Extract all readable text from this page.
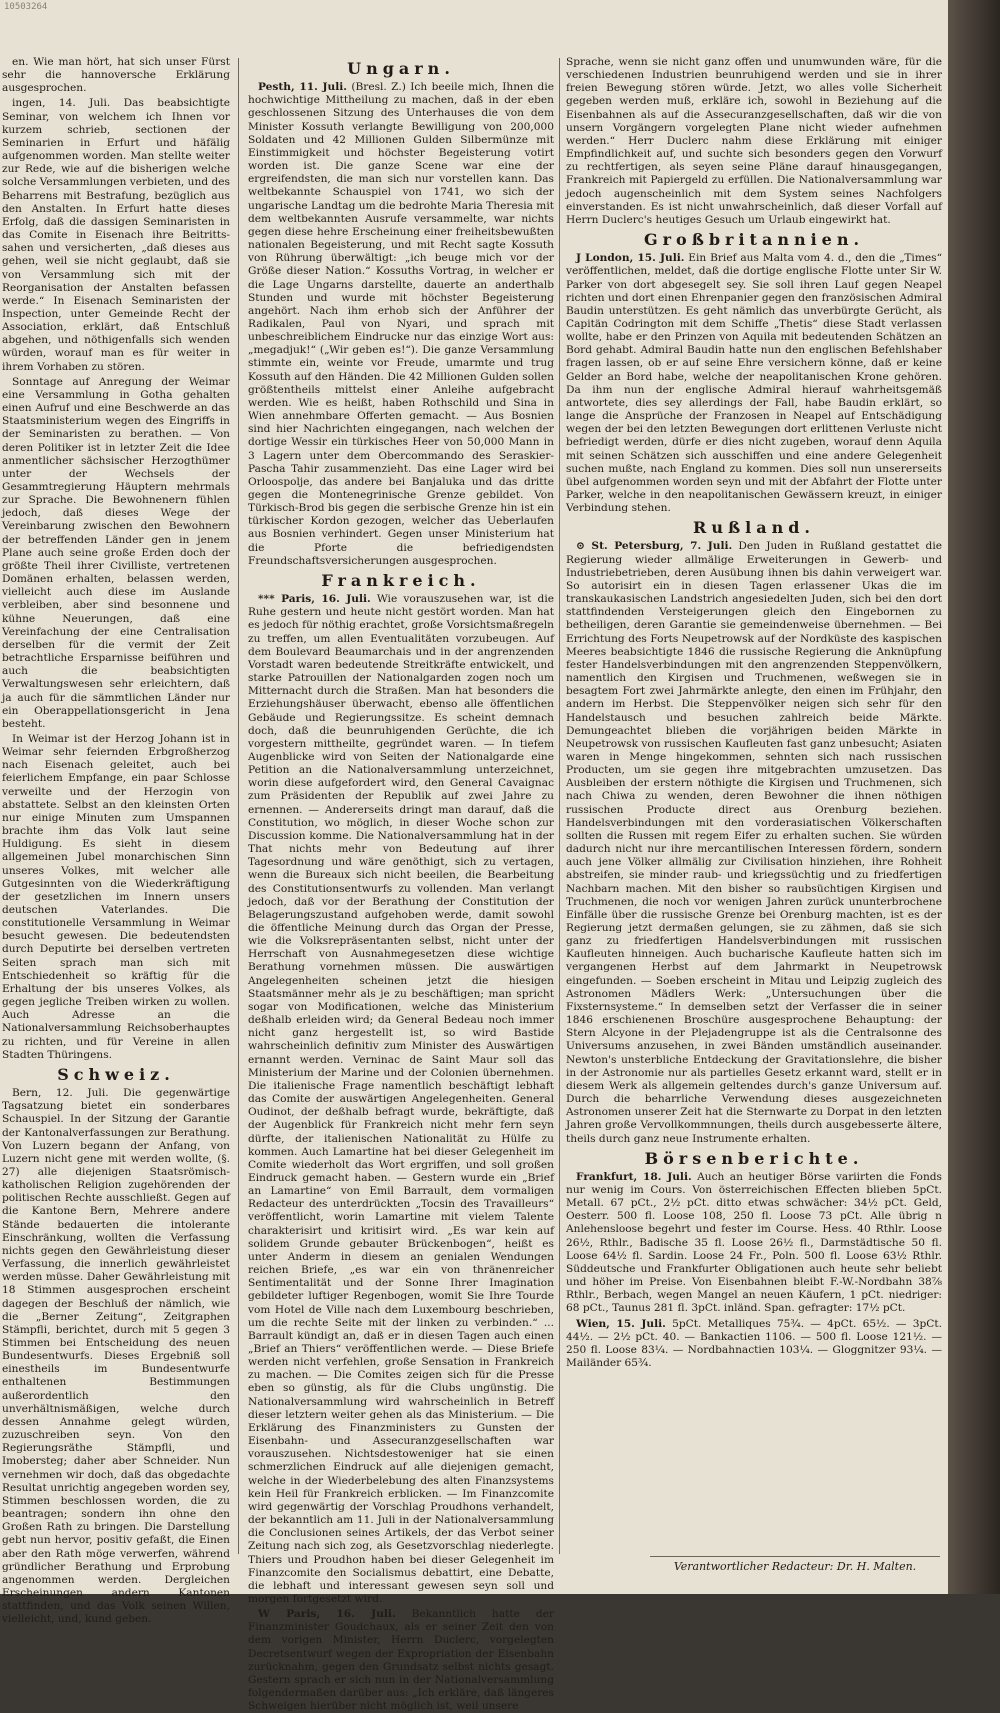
10503264

en. Wie man hört, hat sich unser Fürst sehr die hannoversche Erklärung ausgesprochen.

ingen, 14. Juli. Das beabsichtigte Seminar, von welchem ich Ihnen vor kurzem schrieb, sectionen der Seminarien in Erfurt und häfälig aufgenommen worden. Man stellte weiter zur Rede, wie auf die bisherigen welche solche Versammlungen verbieten, und des Beharrens mit Bestrafung, bezüglich aus den Anstalten. In Erfurt hatte dieses Erfolg, daß die dassigen Seminaristen in das Comite in Eisenach ihre Beitritts-sahen und versicherten, „daß dieses aus gehen, weil sie nicht geglaubt, daß sie von Versammlung sich mit der Reorganisation der Anstalten befassen werde.“ In Eisenach Seminaristen der Inspection, unter Gemeinde Recht der Association, erklärt, daß Entschluß abgehen, und nöthigenfalls sich wenden würden, worauf man es für weiter in ihrem Vorhaben zu stören.

Sonntage auf Anregung der Weimar eine Versammlung in Gotha gehalten einen Aufruf und eine Beschwerde an das Staatsministerium wegen des Eingriffs in der Seminaristen zu berathen. — Von deren Politiker ist in letzter Zeit die Idee anmentlicher sächsischer Herzogthümer unter der Wechsels der Gesammtregierung Häuptern mehrmals zur Sprache. Die Bewohnenern fühlen jedoch, daß dieses Wege der Vereinbarung zwischen den Bewohnern der betreffenden Länder gen in jenem Plane auch seine große Erden doch der größte Theil ihrer Civilliste, vertretenen Domänen erhalten, belassen werden, vielleicht auch diese im Auslande verbleiben, aber sind besonnene und kühne Neuerungen, daß eine Vereinfachung der eine Centralisation derselben für die vermit der Zeit betrachtliche Ersparnisse beiführen und auch die beabsichtigten Verwaltungswesen sehr erleichtern, daß ja auch für die sämmtlichen Länder nur ein Oberappellationsgericht in Jena besteht.

In Weimar ist der Herzog Johann ist in Weimar sehr feiernden Erbgroßherzog nach Eisenach geleitet, auch bei feierlichem Empfange, ein paar Schlosse verweilte und der Herzogin von abstattete. Selbst an den kleinsten Orten nur einige Minuten zum Umspannen brachte ihm das Volk laut seine Huldigung. Es sieht in diesem allgemeinen Jubel monarchischen Sinn unseres Volkes, mit welcher alle Gutgesinnten von die Wiederkräftigung der gesetzlichen im Innern unsers deutschen Vaterlandes. Die constitutionelle Versammlung in Weimar besucht gewesen. Die bedeutendsten durch Deputirte bei derselben vertreten Seiten sprach man sich mit Entschiedenheit so kräftig für die Erhaltung der bis unseres Volkes, als gegen jegliche Treiben wirken zu wollen. Auch Adresse an die Nationalversammlung Reichsoberhauptes zu richten, und für Vereine in allen Stadten Thüringens.

Schweiz.

Bern, 12. Juli. Die gegenwärtige Tagsatzung bietet ein sonderbares Schauspiel. In der Sitzung der Garantie der Kantonalverfassungen zur Berathung. Von Luzern begann der Anfang, von Luzern nicht gene mit werden wollte, (§. 27) alle diejenigen Staatsrömisch-katholischen Religion zugehörenden der politischen Rechte ausschließt. Gegen auf die Kantone Bern, Mehrere andere Stände bedauerten die intolerante Einschränkung, wollten die Verfassung nichts gegen den Gewährleistung dieser Verfassung, die innerlich gewährleistet werden müsse. Daher Gewährleistung mit 18 Stimmen ausgesprochen erscheint dagegen der Beschluß der nämlich, wie die „Berner Zeitung“, Zeitgraphen Stämpfli, berichtet, durch mit 5 gegen 3 Stimmen bei Entscheidung des neuen Bundesentwurfs. Dieses Ergebniß soll einestheils im Bundesentwurfe enthaltenen Bestimmungen außerordentlich den unverhältnismäßigen, welche durch dessen Annahme gelegt würden, zuzuschreiben seyn. Von den Regierungsräthe Stämpfli, und Imobersteg; daher aber Schneider. Nun vernehmen wir doch, daß das obgedachte Resultat unrichtig angegeben worden sey, Stimmen beschlossen worden, die zu beantragen; sondern ihn ohne den Großen Rath zu bringen. Die Darstellung gebt nun hervor, positiv gefaßt, die Einen aber den Rath möge verwerfen, während gründlicher Berathung und Erprobung angenommen werden. Dergleichen Erscheinungen andern Kantonen stattfinden, und das Volk seinen Willen, vielleicht, und, kund geben.

Ungarn.

Pesth, 11. Juli. (Bresl. Z.) Ich beeile mich, Ihnen die hochwichtige Mittheilung zu machen, daß in der eben geschlossenen Sitzung des Unterhauses die von dem Minister Kossuth verlangte Bewilligung von 200,000 Soldaten und 42 Millionen Gulden Silbermünze mit Einstimmigkeit und höchster Begeisterung votirt worden ist. Die ganze Scene war eine der ergreifendsten, die man sich nur vorstellen kann. Das weltbekannte Schauspiel von 1741, wo sich der ungarische Landtag um die bedrohte Maria Theresia mit dem weltbekannten Ausrufe versammelte, war nichts gegen diese hehre Erscheinung einer freiheitsbewußten nationalen Begeisterung, und mit Recht sagte Kossuth von Rührung überwältigt: „ich beuge mich vor der Größe dieser Nation.“ Kossuths Vortrag, in welcher er die Lage Ungarns darstellte, dauerte an anderthalb Stunden und wurde mit höchster Begeisterung angehört. Nach ihm erhob sich der Anführer der Radikalen, Paul von Nyari, und sprach mit unbeschreiblichem Eindrucke nur das einzige Wort aus: „megadjuk!“ („Wir geben es!“). Die ganze Versammlung stimmte ein, weinte vor Freude, umarmte und trug Kossuth auf den Händen. Die 42 Millionen Gulden sollen größtentheils mittelst einer Anleihe aufgebracht werden. Wie es heißt, haben Rothschild und Sina in Wien annehmbare Offerten gemacht. — Aus Bosnien sind hier Nachrichten eingegangen, nach welchen der dortige Wessir ein türkisches Heer von 50,000 Mann in 3 Lagern unter dem Obercommando des Seraskier-Pascha Tahir zusammenzieht. Das eine Lager wird bei Orloospolje, das andere bei Banjaluka und das dritte gegen die Montenegrinische Grenze gebildet. Von Türkisch-Brod bis gegen die serbische Grenze hin ist ein türkischer Kordon gezogen, welcher das Ueberlaufen aus Bosnien verhindert. Gegen unser Ministerium hat die Pforte die befriedigendsten Freundschaftsversicherungen ausgesprochen.

Frankreich.

*** Paris, 16. Juli. Wie vorauszusehen war, ist die Ruhe gestern und heute nicht gestört worden. Man hat es jedoch für nöthig erachtet, große Vorsichtsmaßregeln zu treffen, um allen Eventualitäten vorzubeugen. Auf dem Boulevard Beaumarchais und in der angrenzenden Vorstadt waren bedeutende Streitkräfte entwickelt, und starke Patrouillen der Nationalgarden zogen noch um Mitternacht durch die Straßen. Man hat besonders die Erziehungshäuser überwacht, ebenso alle öffentlichen Gebäude und Regierungssitze. Es scheint demnach doch, daß die beunruhigenden Gerüchte, die ich vorgestern mittheilte, gegründet waren. — In tiefem Augenblicke wird von Seiten der Nationalgarde eine Petition an die Nationalversammlung unterzeichnet, worin diese aufgefordert wird, den General Cavaignac zum Präsidenten der Republik auf zwei Jahre zu ernennen. — Andererseits dringt man darauf, daß die Constitution, wo möglich, in dieser Woche schon zur Discussion komme. Die Nationalversammlung hat in der That nichts mehr von Bedeutung auf ihrer Tagesordnung und wäre genöthigt, sich zu vertagen, wenn die Bureaux sich nicht beeilen, die Bearbeitung des Constitutionsentwurfs zu vollenden. Man verlangt jedoch, daß vor der Berathung der Constitution der Belagerungszustand aufgehoben werde, damit sowohl die öffentliche Meinung durch das Organ der Presse, wie die Volksrepräsentanten selbst, nicht unter der Herrschaft von Ausnahmegesetzen diese wichtige Berathung vornehmen müssen. Die auswärtigen Angelegenheiten scheinen jetzt die hiesigen Staatsmänner mehr als je zu beschäftigen; man spricht sogar von Modificationen, welche das Ministerium deßhalb erleiden wird; da General Bedeau noch immer nicht ganz hergestellt ist, so wird Bastide wahrscheinlich definitiv zum Minister des Auswärtigen ernannt werden. Verninac de Saint Maur soll das Ministerium der Marine und der Colonien übernehmen. Die italienische Frage namentlich beschäftigt lebhaft das Comite der auswärtigen Angelegenheiten. General Oudinot, der deßhalb befragt wurde, bekräftigte, daß der Augenblick für Frankreich nicht mehr fern seyn dürfte, der italienischen Nationalität zu Hülfe zu kommen. Auch Lamartine hat bei dieser Gelegenheit im Comite wiederholt das Wort ergriffen, und soll großen Eindruck gemacht haben. — Gestern wurde ein „Brief an Lamartine“ von Emil Barrault, dem vormaligen Redacteur des unterdrückten „Tocsin des Travailleurs“ veröffentlicht, worin Lamartine mit vielem Talente charakterisirt und kritisirt wird. „Es war kein auf solidem Grunde gebauter Brückenbogen“, heißt es unter Anderm in diesem an genialen Wendungen reichen Briefe, „es war ein von thränenreicher Sentimentalität und der Sonne Ihrer Imagination gebildeter luftiger Regenbogen, womit Sie Ihre Tourde vom Hotel de Ville nach dem Luxembourg beschrieben, um die rechte Seite mit der linken zu verbinden.“ ... Barrault kündigt an, daß er in diesen Tagen auch einen „Brief an Thiers“ veröffentlichen werde. — Diese Briefe werden nicht verfehlen, große Sensation in Frankreich zu machen. — Die Comites zeigen sich für die Presse eben so günstig, als für die Clubs ungünstig. Die Nationalversammlung wird wahrscheinlich in Betreff dieser letztern weiter gehen als das Ministerium. — Die Erklärung des Finanzministers zu Gunsten der Eisenbahn- und Assecuranzgesellschaften war vorauszusehen. Nichtsdestoweniger hat sie einen schmerzlichen Eindruck auf alle diejenigen gemacht, welche in der Wiederbelebung des alten Finanzsystems kein Heil für Frankreich erblicken. — Im Finanzcomite wird gegenwärtig der Vorschlag Proudhons verhandelt, der bekanntlich am 11. Juli in der Nationalversammlung die Conclusionen seines Artikels, der das Verbot seiner Zeitung nach sich zog, als Gesetzvorschlag niederlegte. Thiers und Proudhon haben bei dieser Gelegenheit im Finanzcomite den Socialismus debattirt, eine Debatte, die lebhaft und interessant gewesen seyn soll und morgen fortgesetzt wird.

W Paris, 16. Juli. Bekanntlich hatte der Finanzminister Goudchaux, als er seiner Zeit den von dem vorigen Minister, Herrn Duclerc, vorgelegten Decretsentwurf wegen der Expropriation der Eisenbahn zurücknahm, gegen den Grundsatz selbst nichts gesagt. Gestern sprach er sich nun in der Nationalversammlung folgendermaßen darüber aus: „Ich erkläre, daß längeres Schweigen hierüber nicht möglich ist, weil unsere

Sprache, wenn sie nicht ganz offen und unumwunden wäre, für die verschiedenen Industrien beunruhigend werden und sie in ihrer freien Bewegung stören würde. Jetzt, wo alles volle Sicherheit gegeben werden muß, erkläre ich, sowohl in Beziehung auf die Eisenbahnen als auf die Assecuranzgesellschaften, daß wir die von unsern Vorgängern vorgelegten Plane nicht wieder aufnehmen werden.“ Herr Duclerc nahm diese Erklärung mit einiger Empfindlichkeit auf, und suchte sich besonders gegen den Vorwurf zu rechtfertigen, als seyen seine Pläne darauf hinausgegangen, Frankreich mit Papiergeld zu erfüllen. Die Nationalversammlung war jedoch augenscheinlich mit dem System seines Nachfolgers einverstanden. Es ist nicht unwahrscheinlich, daß dieser Vorfall auf Herrn Duclerc's heutiges Gesuch um Urlaub eingewirkt hat.

Großbritannien.

J London, 15. Juli. Ein Brief aus Malta vom 4. d., den die „Times“ veröffentlichen, meldet, daß die dortige englische Flotte unter Sir W. Parker von dort abgesegelt sey. Sie soll ihren Lauf gegen Neapel richten und dort einen Ehrenpanier gegen den französischen Admiral Baudin unterstützen. Es geht nämlich das unverbürgte Gerücht, als Capitän Codrington mit dem Schiffe „Thetis“ diese Stadt verlassen wollte, habe er den Prinzen von Aquila mit bedeutenden Schätzen an Bord gehabt. Admiral Baudin hatte nun den englischen Befehlshaber fragen lassen, ob er auf seine Ehre versichern könne, daß er keine Gelder an Bord habe, welche der neapolitanischen Krone gehören. Da ihm nun der englische Admiral hierauf wahrheitsgemäß antwortete, dies sey allerdings der Fall, habe Baudin erklärt, so lange die Ansprüche der Franzosen in Neapel auf Entschädigung wegen der bei den letzten Bewegungen dort erlittenen Verluste nicht befriedigt werden, dürfe er dies nicht zugeben, worauf denn Aquila mit seinen Schätzen sich ausschiffen und eine andere Gelegenheit suchen mußte, nach England zu kommen. Dies soll nun unsererseits übel aufgenommen worden seyn und mit der Abfahrt der Flotte unter Parker, welche in den neapolitanischen Gewässern kreuzt, in einiger Verbindung stehen.

Rußland.

⊙ St. Petersburg, 7. Juli. Den Juden in Rußland gestattet die Regierung wieder allmälige Erweiterungen in Gewerb- und Industriebetrieben, deren Ausübung ihnen bis dahin verweigert war. So autorisirt ein in diesen Tagen erlassener Ukas die im transkaukasischen Landstrich angesiedelten Juden, sich bei den dort stattfindenden Versteigerungen gleich den Eingebornen zu betheiligen, deren Garantie sie gemeindenweise übernehmen. — Bei Errichtung des Forts Neupetrowsk auf der Nordküste des kaspischen Meeres beabsichtigte 1846 die russische Regierung die Anknüpfung fester Handelsverbindungen mit den angrenzenden Steppenvölkern, namentlich den Kirgisen und Truchmenen, weßwegen sie in besagtem Fort zwei Jahrmärkte anlegte, den einen im Frühjahr, den andern im Herbst. Die Steppenvölker neigen sich sehr für den Handelstausch und besuchen zahlreich beide Märkte. Demungeachtet blieben die vorjährigen beiden Märkte in Neupetrowsk von russischen Kaufleuten fast ganz unbesucht; Asiaten waren in Menge hingekommen, sehnten sich nach russischen Producten, um sie gegen ihre mitgebrachten umzusetzen. Das Ausbleiben der erstern nöthigte die Kirgisen und Truchmenen, sich nach Chiwa zu wenden, deren Bewohner die ihnen nöthigen russischen Producte direct aus Orenburg beziehen. Handelsverbindungen mit den vorderasiatischen Völkerschaften sollten die Russen mit regem Eifer zu erhalten suchen. Sie würden dadurch nicht nur ihre mercantilischen Interessen fördern, sondern auch jene Völker allmälig zur Civilisation hinziehen, ihre Rohheit abstreifen, sie minder raub- und kriegssüchtig und zu friedfertigen Nachbarn machen. Mit den bisher so raubsüchtigen Kirgisen und Truchmenen, die noch vor wenigen Jahren zurück ununterbrochene Einfälle über die russische Grenze bei Orenburg machten, ist es der Regierung jetzt dermaßen gelungen, sie zu zähmen, daß sie sich ganz zu friedfertigen Handelsverbindungen mit russischen Kaufleuten hinneigen. Auch bucharische Kaufleute hatten sich im vergangenen Herbst auf dem Jahrmarkt in Neupetrowsk eingefunden. — Soeben erscheint in Mitau und Leipzig zugleich des Astronomen Mädlers Werk: „Untersuchungen über die Fixsternsysteme.“ In demselben setzt der Verfasser die in seiner 1846 erschienenen Broschüre ausgesprochene Behauptung: der Stern Alcyone in der Plejadengruppe ist als die Centralsonne des Universums anzusehen, in zwei Bänden umständlich auseinander. Newton's unsterbliche Entdeckung der Gravitationslehre, die bisher in der Astronomie nur als partielles Gesetz erkannt ward, stellt er in diesem Werk als allgemein geltendes durch's ganze Universum auf. Durch die beharrliche Verwendung dieses ausgezeichneten Astronomen unserer Zeit hat die Sternwarte zu Dorpat in den letzten Jahren große Vervollkommnungen, theils durch ausgebesserte ältere, theils durch ganz neue Instrumente erhalten.

Börsenberichte.

Frankfurt, 18. Juli. Auch an heutiger Börse variirten die Fonds nur wenig im Cours. Von österreichischen Effecten blieben 5pCt. Metall. 67 pCt., 2½ pCt. ditto etwas schwächer: 34½ pCt. Geld, Oesterr. 500 fl. Loose 108, 250 fl. Loose 73 pCt. Alle übrig n Anlehensloose begehrt und fester im Course. Hess. 40 Rthlr. Loose 26½, Rthlr., Badische 35 fl. Loose 26½ fl., Darmstädtische 50 fl. Loose 64½ fl. Sardin. Loose 24 Fr., Poln. 500 fl. Loose 63½ Rthlr. Süddeutsche und Frankfurter Obligationen auch heute sehr beliebt und höher im Preise. Von Eisenbahnen bleibt F.-W.-Nordbahn 38⅞ Rthlr., Berbach, wegen Mangel an neuen Käufern, 1 pCt. niedriger: 68 pCt., Taunus 281 fl. 3pCt. inländ. Span. gefragter: 17½ pCt.

Wien, 15. Juli. 5pCt. Metalliques 75¾. — 4pCt. 65½. — 3pCt. 44½. — 2½ pCt. 40. — Bankactien 1106. — 500 fl. Loose 121½. — 250 fl. Loose 83¼. — Nordbahnactien 103¼. — Gloggnitzer 93¼. — Mailänder 65¾.

Verantwortlicher Redacteur: Dr. H. Malten.
